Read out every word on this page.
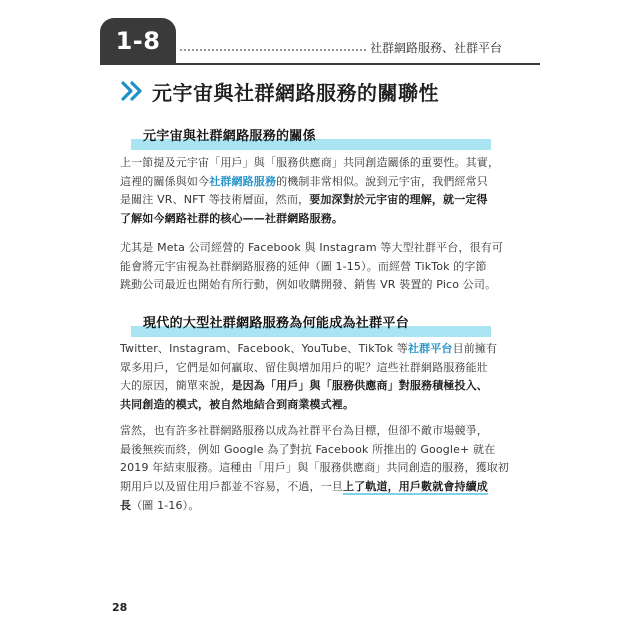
1-8	社群網路服務、社群平台
元宇宙與社群網路服務的關聯性
元宇宙與社群網路服務的關係
上一節提及元宇宙「用戶」與「服務供應商」共同創造關係的重要性。其實，
這裡的關係與如今社群網路服務的機制非常相似。說到元宇宙，我們經常只
是關注 VR、NFT 等技術層面，然而，要加深對於元宇宙的理解，就一定得
了解如今網路社群的核心——社群網路服務。
尤其是 Meta 公司經營的 Facebook 與 Instagram 等大型社群平台，很有可
能會將元宇宙視為社群網路服務的延伸（圖 1-15）。而經營 TikTok 的字節
跳動公司最近也開始有所行動，例如收購開發、銷售 VR 裝置的 Pico 公司。
現代的大型社群網路服務為何能成為社群平台
Twitter、Instagram、Facebook、YouTube、TikTok 等社群平台目前擁有
眾多用戶，它們是如何贏取、留住與增加用戶的呢？這些社群網路服務能壯
大的原因，簡單來說，是因為「用戶」與「服務供應商」對服務積極投入、
共同創造的模式，被自然地結合到商業模式裡。
當然，也有許多社群網路服務以成為社群平台為目標，但卻不敵市場競爭，
最後無疾而終，例如 Google 為了對抗 Facebook 所推出的 Google+ 就在
2019 年結束服務。這種由「用戶」與「服務供應商」共同創造的服務，獲取初
期用戶以及留住用戶都並不容易，不過，一旦上了軌道，用戶數就會持續成
長（圖 1-16）。
28
